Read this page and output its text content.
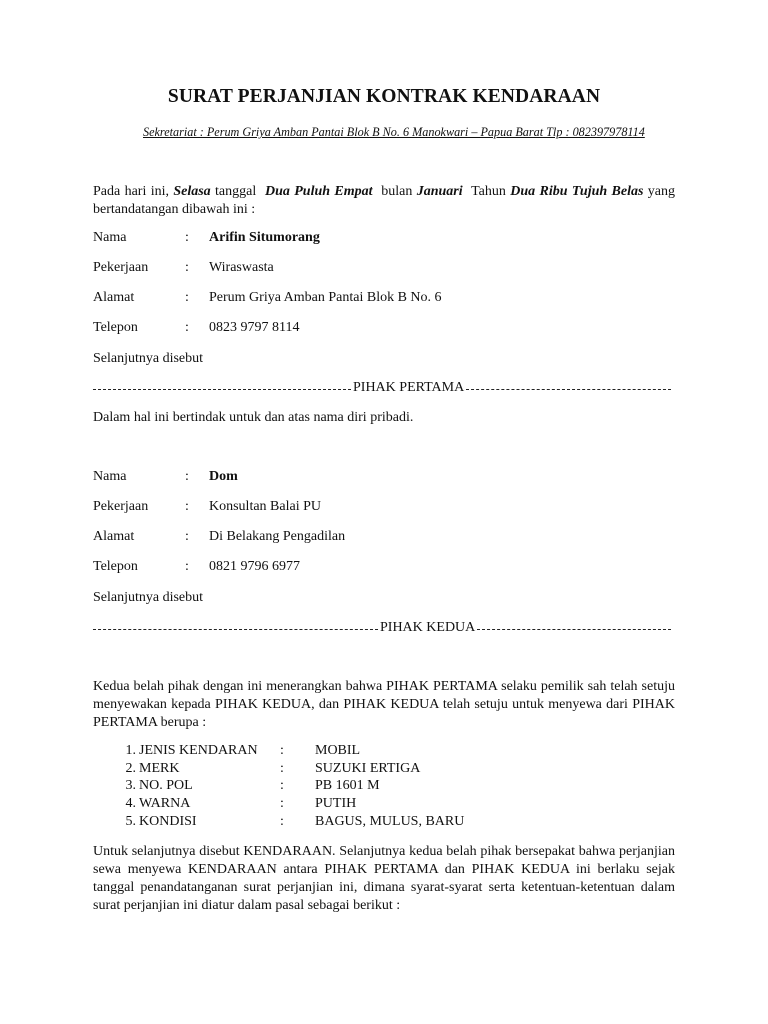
SURAT PERJANJIAN KONTRAK KENDARAAN
Sekretariat : Perum Griya Amban Pantai Blok B No. 6 Manokwari – Papua Barat Tlp : 082397978114
Pada hari ini, Selasa tanggal Dua Puluh Empat bulan Januari Tahun Dua Ribu Tujuh Belas yang bertandatangan dibawah ini :
Nama	: Arifin Situmorang
Pekerjaan	: Wiraswasta
Alamat	: Perum Griya Amban Pantai Blok B No. 6
Telepon	: 0823 9797 8114
Selanjutnya disebut
PIHAK PERTAMA
Dalam hal ini bertindak untuk dan atas nama diri pribadi.
Nama	: Dom
Pekerjaan	: Konsultan Balai PU
Alamat	: Di Belakang Pengadilan
Telepon	: 0821 9796 6977
Selanjutnya disebut
PIHAK KEDUA
Kedua belah pihak dengan ini menerangkan bahwa PIHAK PERTAMA selaku pemilik sah telah setuju menyewakan kepada PIHAK KEDUA, dan PIHAK KEDUA telah setuju untuk menyewa dari PIHAK PERTAMA berupa :
1. JENIS KENDARAN : MOBIL
2. MERK	: SUZUKI ERTIGA
3. NO. POL	: PB 1601 M
4. WARNA	: PUTIH
5. KONDISI	: BAGUS, MULUS, BARU
Untuk selanjutnya disebut KENDARAAN. Selanjutnya kedua belah pihak bersepakat bahwa perjanjian sewa menyewa KENDARAAN antara PIHAK PERTAMA dan PIHAK KEDUA ini berlaku sejak tanggal penandatanganan surat perjanjian ini, dimana syarat-syarat serta ketentuan-ketentuan dalam surat perjanjian ini diatur dalam pasal sebagai berikut :
